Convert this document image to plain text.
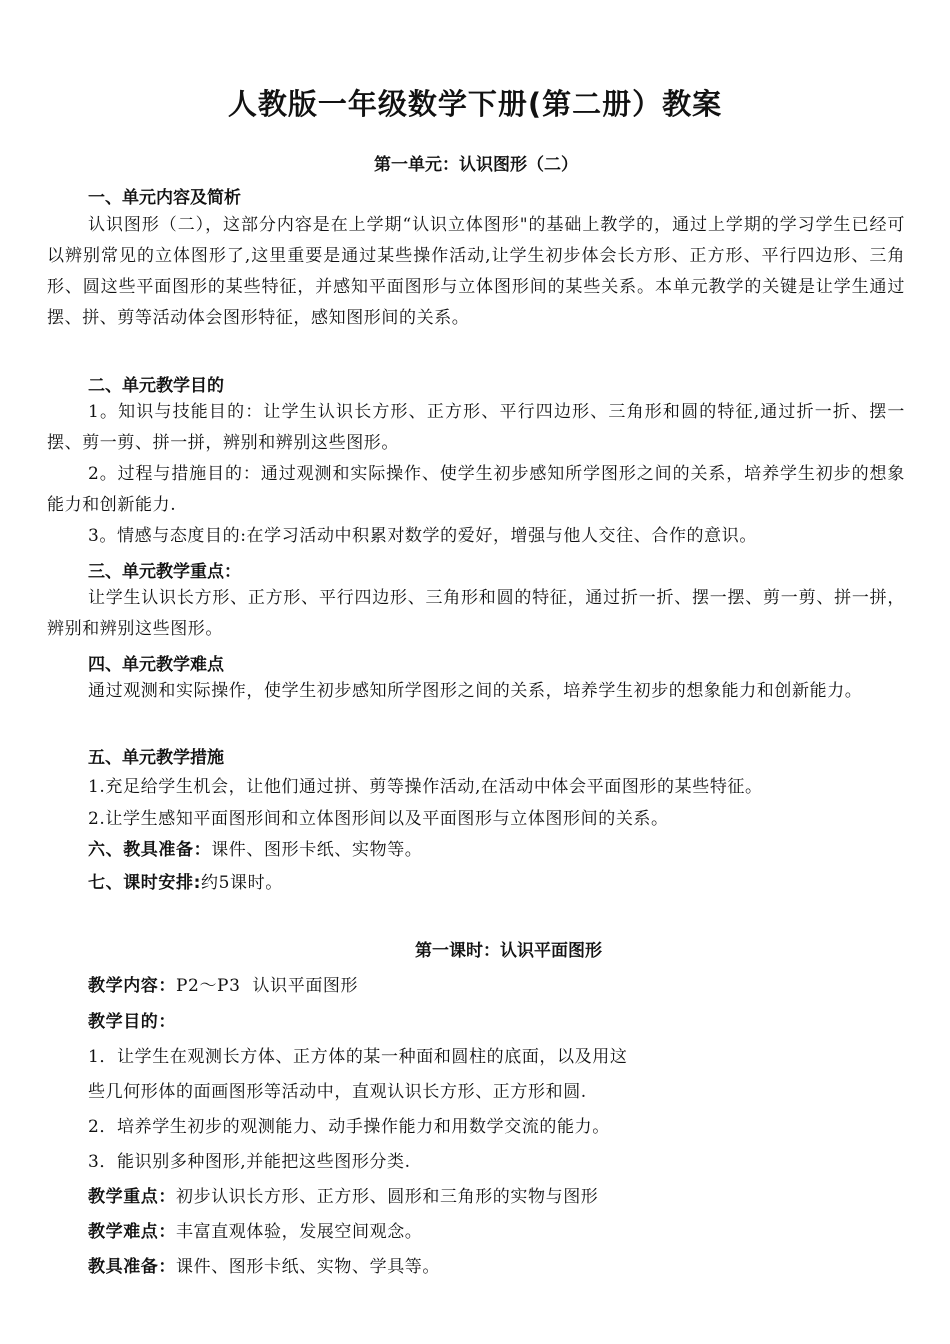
人教版一年级数学下册(第二册）教案
第一单元：认识图形（二）
一、单元内容及简析
认识图形（二），这部分内容是在上学期“认识立体图形"的基础上教学的，通过上学期的学习学生已经可以辨别常见的立体图形了,这里重要是通过某些操作活动,让学生初步体会长方形、正方形、平行四边形、三角形、圆这些平面图形的某些特征，并感知平面图形与立体图形间的某些关系。本单元教学的关键是让学生通过摆、拼、剪等活动体会图形特征，感知图形间的关系。
二、单元教学目的
1。知识与技能目的：让学生认识长方形、正方形、平行四边形、三角形和圆的特征,通过折一折、摆一摆、剪一剪、拼一拼，辨别和辨别这些图形。
2。过程与措施目的：通过观测和实际操作、使学生初步感知所学图形之间的关系，培养学生初步的想象能力和创新能力.
3。情感与态度目的:在学习活动中积累对数学的爱好，增强与他人交往、合作的意识。
三、单元教学重点：
让学生认识长方形、正方形、平行四边形、三角形和圆的特征，通过折一折、摆一摆、剪一剪、拼一拼，辨别和辨别这些图形。
四、单元教学难点
通过观测和实际操作，使学生初步感知所学图形之间的关系，培养学生初步的想象能力和创新能力。
五、单元教学措施
1.充足给学生机会，让他们通过拼、剪等操作活动,在活动中体会平面图形的某些特征。
2.让学生感知平面图形间和立体图形间以及平面图形与立体图形间的关系。
六、教具准备：课件、图形卡纸、实物等。
七、课时安排:约5课时。
第一课时：认识平面图形
教学内容：P2～P3  认识平面图形
教学目的：
1．让学生在观测长方体、正方体的某一种面和圆柱的底面，以及用这
些几何形体的面画图形等活动中，直观认识长方形、正方形和圆.
2．培养学生初步的观测能力、动手操作能力和用数学交流的能力。
3．能识别多种图形,并能把这些图形分类.
教学重点：初步认识长方形、正方形、圆形和三角形的实物与图形
教学难点：丰富直观体验，发展空间观念。
教具准备：课件、图形卡纸、实物、学具等。
